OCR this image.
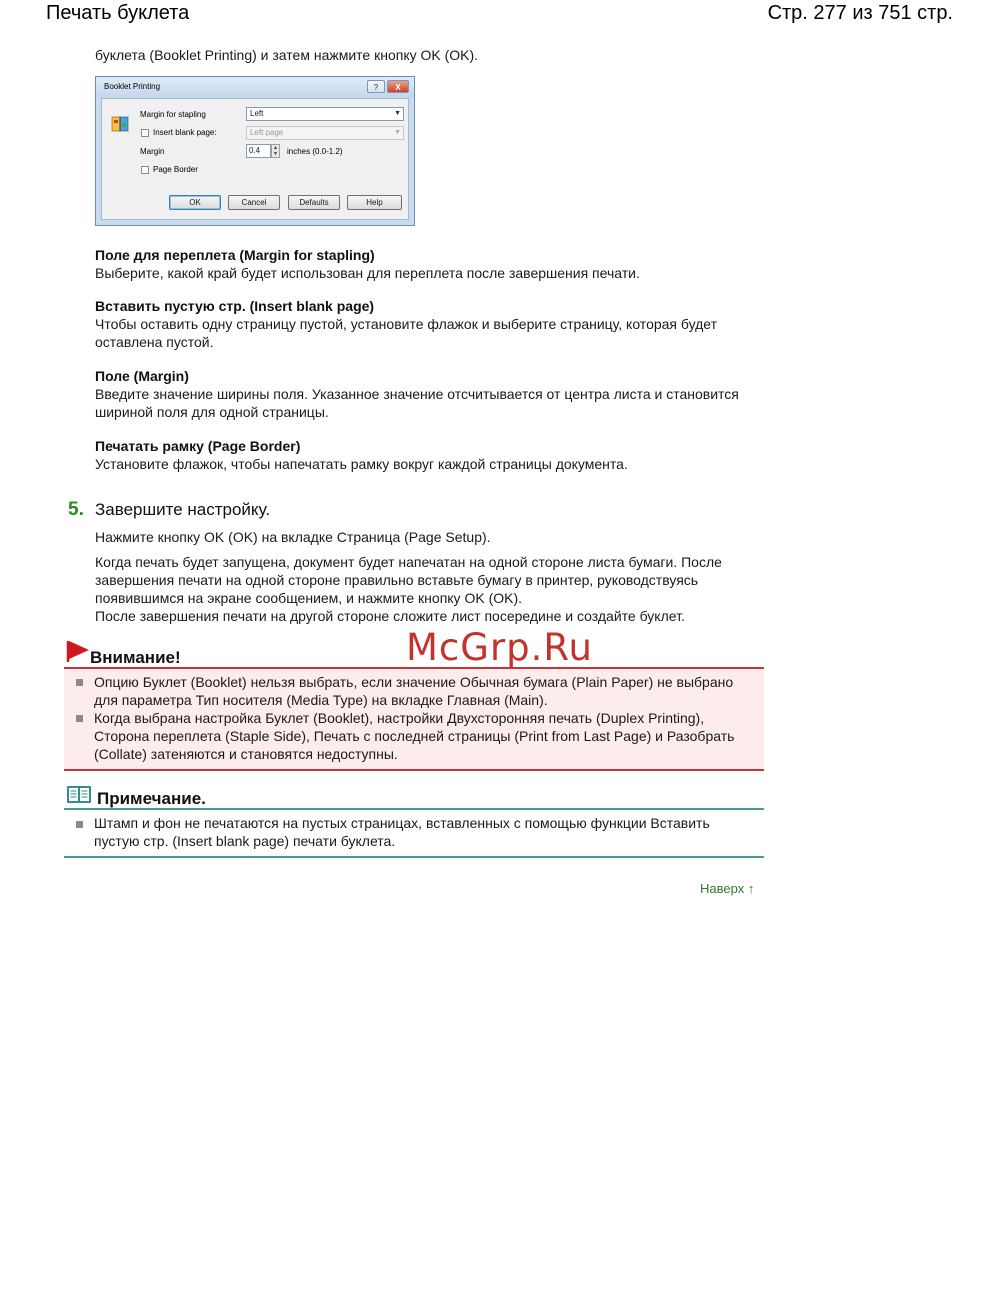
Печать буклета	Стр. 277 из 751 стр.
буклета (Booklet Printing) и затем нажмите кнопку OK (OK).
Booklet Printing	?	X
Margin for stapling	Left	▼
Insert blank page:	Left page	▼
Margin	0.4	▲
▼ inches (0.0-1.2)
Page Border
OK	Cancel	Defaults	Help
Поле для переплета (Margin for stapling)
Выберите, какой край будет использован для переплета после завершения печати.
Вставить пустую стр. (Insert blank page)
Чтобы оставить одну страницу пустой, установите флажок и выберите страницу, которая будет оставлена пустой.
Поле (Margin)
Введите значение ширины поля. Указанное значение отсчитывается от центра листа и становится шириной поля для одной страницы.
Печатать рамку (Page Border)
Установите флажок, чтобы напечатать рамку вокруг каждой страницы документа.
5. Завершите настройку.
Нажмите кнопку OK (OK) на вкладке Страница (Page Setup).
Когда печать будет запущена, документ будет напечатан на одной стороне листа бумаги. После завершения печати на одной стороне правильно вставьте бумагу в принтер, руководствуясь появившимся на экране сообщением, и нажмите кнопку OK (OK).
После завершения печати на другой стороне сложите лист посередине и создайте буклет.
Внимание!
Опцию Буклет (Booklet) нельзя выбрать, если значение Обычная бумага (Plain Paper) не выбрано для параметра Тип носителя (Media Type) на вкладке Главная (Main).
Когда выбрана настройка Буклет (Booklet), настройки Двухсторонняя печать (Duplex Printing), Сторона переплета (Staple Side), Печать с последней страницы (Print from Last Page) и Разобрать (Collate) затеняются и становятся недоступны.
McGrp.Ru
Примечание.
Штамп и фон не печатаются на пустых страницах, вставленных с помощью функции Вставить пустую стр. (Insert blank page) печати буклета.
Наверх ↑
